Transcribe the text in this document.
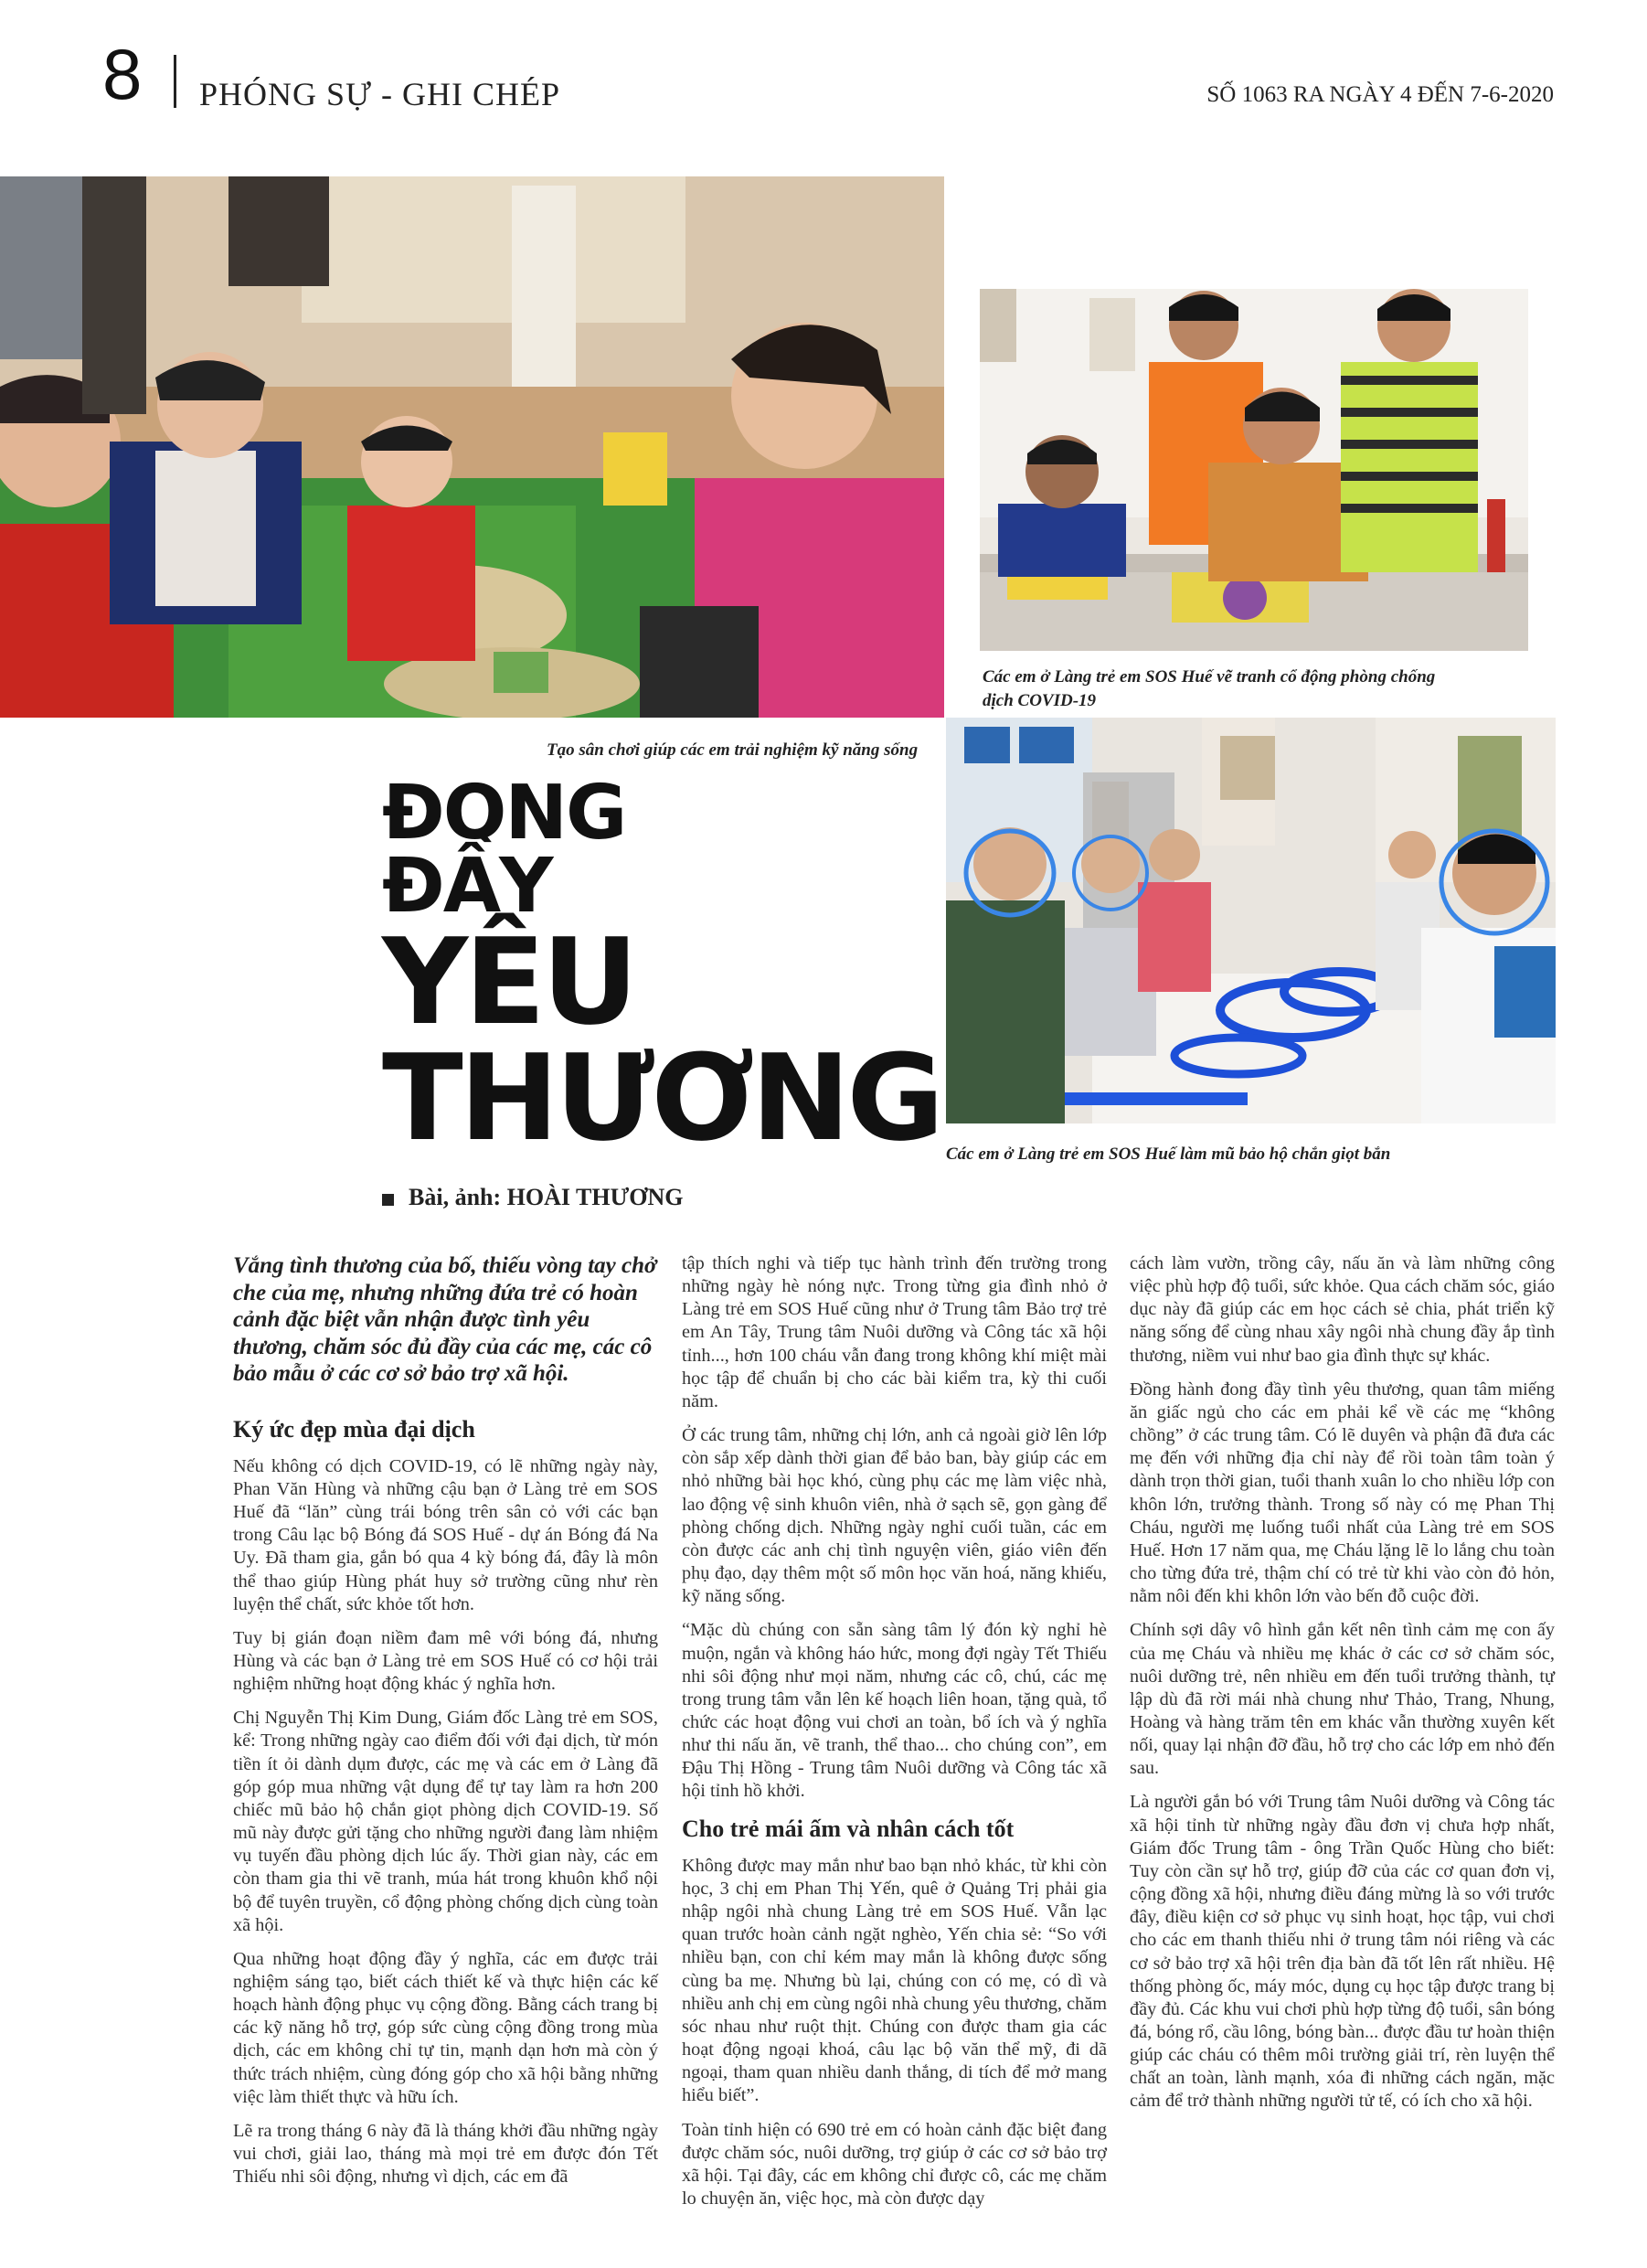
8 PHÓNG SỰ - GHI CHÉP	SỐ 1063 RA NGÀY 4 ĐẾN 7-6-2020
Tạo sân chơi giúp các em trải nghiệm kỹ năng sống
Các em ở Làng trẻ em SOS Huế vẽ tranh cổ động phòng chống dịch COVID-19
Các em ở Làng trẻ em SOS Huế làm mũ bảo hộ chắn giọt bắn
ĐONG
ĐẦY
YÊU
THƯƠNG
Bài, ảnh: HOÀI THƯƠNG

Vắng tình thương của bố, thiếu vòng tay chở che của mẹ, nhưng những đứa trẻ có hoàn cảnh đặc biệt vẫn nhận được tình yêu thương, chăm sóc đủ đầy của các mẹ, các cô bảo mẫu ở các cơ sở bảo trợ xã hội.

Ký ức đẹp mùa đại dịch

Nếu không có dịch COVID-19, có lẽ những ngày này, Phan Văn Hùng và những cậu bạn ở Làng trẻ em SOS Huế đã “lăn” cùng trái bóng trên sân cỏ với các bạn trong Câu lạc bộ Bóng đá SOS Huế - dự án Bóng đá Na Uy. Đã tham gia, gắn bó qua 4 kỳ bóng đá, đây là môn thể thao giúp Hùng phát huy sở trường cũng như rèn luyện thể chất, sức khỏe tốt hơn.

Tuy bị gián đoạn niềm đam mê với bóng đá, nhưng Hùng và các bạn ở Làng trẻ em SOS Huế có cơ hội trải nghiệm những hoạt động khác ý nghĩa hơn.

Chị Nguyễn Thị Kim Dung, Giám đốc Làng trẻ em SOS, kể: Trong những ngày cao điểm đối với đại dịch, từ món tiền ít ỏi dành dụm được, các mẹ và các em ở Làng đã góp góp mua những vật dụng để tự tay làm ra hơn 200 chiếc mũ bảo hộ chắn giọt phòng dịch COVID-19. Số mũ này được gửi tặng cho những người đang làm nhiệm vụ tuyến đầu phòng dịch lúc ấy. Thời gian này, các em còn tham gia thi vẽ tranh, múa hát trong khuôn khổ nội bộ để tuyên truyền, cổ động phòng chống dịch cùng toàn xã hội.

Qua những hoạt động đầy ý nghĩa, các em được trải nghiệm sáng tạo, biết cách thiết kế và thực hiện các kế hoạch hành động phục vụ cộng đồng. Bằng cách trang bị các kỹ năng hỗ trợ, góp sức cùng cộng đồng trong mùa dịch, các em không chỉ tự tin, mạnh dạn hơn mà còn ý thức trách nhiệm, cùng đóng góp cho xã hội bằng những việc làm thiết thực và hữu ích.

Lẽ ra trong tháng 6 này đã là tháng khởi đầu những ngày vui chơi, giải lao, tháng mà mọi trẻ em được đón Tết Thiếu nhi sôi động, nhưng vì dịch, các em đã

tập thích nghi và tiếp tục hành trình đến trường trong những ngày hè nóng nực. Trong từng gia đình nhỏ ở Làng trẻ em SOS Huế cũng như ở Trung tâm Bảo trợ trẻ em An Tây, Trung tâm Nuôi dưỡng và Công tác xã hội tỉnh..., hơn 100 cháu vẫn đang trong không khí miệt mài học tập để chuẩn bị cho các bài kiểm tra, kỳ thi cuối năm.

Ở các trung tâm, những chị lớn, anh cả ngoài giờ lên lớp còn sắp xếp dành thời gian để bảo ban, bày giúp các em nhỏ những bài học khó, cùng phụ các mẹ làm việc nhà, lao động vệ sinh khuôn viên, nhà ở sạch sẽ, gọn gàng để phòng chống dịch. Những ngày nghỉ cuối tuần, các em còn được các anh chị tình nguyện viên, giáo viên đến phụ đạo, dạy thêm một số môn học văn hoá, năng khiếu, kỹ năng sống.

“Mặc dù chúng con sẵn sàng tâm lý đón kỳ nghỉ hè muộn, ngắn và không háo hức, mong đợi ngày Tết Thiếu nhi sôi động như mọi năm, nhưng các cô, chú, các mẹ trong trung tâm vẫn lên kế hoạch liên hoan, tặng quà, tổ chức các hoạt động vui chơi an toàn, bổ ích và ý nghĩa như thi nấu ăn, vẽ tranh, thể thao... cho chúng con”, em Đậu Thị Hồng - Trung tâm Nuôi dưỡng và Công tác xã hội tỉnh hồ khởi.

Cho trẻ mái ấm và nhân cách tốt

Không được may mắn như bao bạn nhỏ khác, từ khi còn học, 3 chị em Phan Thị Yến, quê ở Quảng Trị phải gia nhập ngôi nhà chung Làng trẻ em SOS Huế. Vẫn lạc quan trước hoàn cảnh ngặt nghèo, Yến chia sẻ: “So với nhiều bạn, con chỉ kém may mắn là không được sống cùng ba mẹ. Nhưng bù lại, chúng con có mẹ, có dì và nhiều anh chị em cùng ngôi nhà chung yêu thương, chăm sóc nhau như ruột thịt. Chúng con được tham gia các hoạt động ngoại khoá, câu lạc bộ văn thể mỹ, đi dã ngoại, tham quan nhiều danh thắng, di tích để mở mang hiểu biết”.

Toàn tỉnh hiện có 690 trẻ em có hoàn cảnh đặc biệt đang được chăm sóc, nuôi dưỡng, trợ giúp ở các cơ sở bảo trợ xã hội. Tại đây, các em không chỉ được cô, các mẹ chăm lo chuyện ăn, việc học, mà còn được dạy

cách làm vườn, trồng cây, nấu ăn và làm những công việc phù hợp độ tuổi, sức khỏe. Qua cách chăm sóc, giáo dục này đã giúp các em học cách sẻ chia, phát triển kỹ năng sống để cùng nhau xây ngôi nhà chung đầy ắp tình thương, niềm vui như bao gia đình thực sự khác.

Đồng hành đong đầy tình yêu thương, quan tâm miếng ăn giấc ngủ cho các em phải kể về các mẹ “không chồng” ở các trung tâm. Có lẽ duyên và phận đã đưa các mẹ đến với những địa chỉ này để rồi toàn tâm toàn ý dành trọn thời gian, tuổi thanh xuân lo cho nhiều lớp con khôn lớn, trưởng thành. Trong số này có mẹ Phan Thị Cháu, người mẹ luống tuổi nhất của Làng trẻ em SOS Huế. Hơn 17 năm qua, mẹ Cháu lặng lẽ lo lắng chu toàn cho từng đứa trẻ, thậm chí có trẻ từ khi vào còn đỏ hỏn, nằm nôi đến khi khôn lớn vào bến đỗ cuộc đời.

Chính sợi dây vô hình gắn kết nên tình cảm mẹ con ấy của mẹ Cháu và nhiều mẹ khác ở các cơ sở chăm sóc, nuôi dưỡng trẻ, nên nhiều em đến tuổi trưởng thành, tự lập dù đã rời mái nhà chung như Thảo, Trang, Nhung, Hoàng và hàng trăm tên em khác vẫn thường xuyên kết nối, quay lại nhận đỡ đầu, hỗ trợ cho các lớp em nhỏ đến sau.

Là người gắn bó với Trung tâm Nuôi dưỡng và Công tác xã hội tỉnh từ những ngày đầu đơn vị chưa hợp nhất, Giám đốc Trung tâm - ông Trần Quốc Hùng cho biết: Tuy còn cần sự hỗ trợ, giúp đỡ của các cơ quan đơn vị, cộng đồng xã hội, nhưng điều đáng mừng là so với trước đây, điều kiện cơ sở phục vụ sinh hoạt, học tập, vui chơi cho các em thanh thiếu nhi ở trung tâm nói riêng và các cơ sở bảo trợ xã hội trên địa bàn đã tốt lên rất nhiều. Hệ thống phòng ốc, máy móc, dụng cụ học tập được trang bị đầy đủ. Các khu vui chơi phù hợp từng độ tuổi, sân bóng đá, bóng rổ, cầu lông, bóng bàn... được đầu tư hoàn thiện giúp các cháu có thêm môi trường giải trí, rèn luyện thể chất an toàn, lành mạnh, xóa đi những cách ngăn, mặc cảm để trở thành những người tử tế, có ích cho xã hội.
